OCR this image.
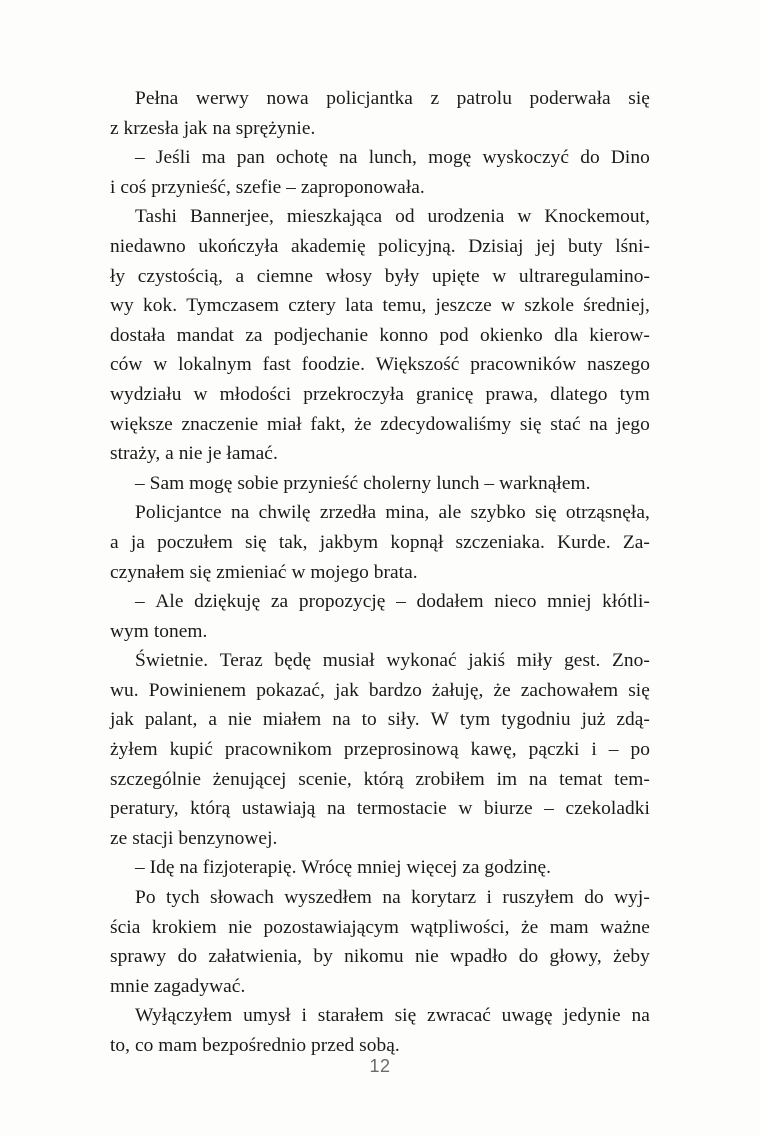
Pełna werwy nowa policjantka z patrolu poderwała się
z krzesła jak na sprężynie.

– Jeśli ma pan ochotę na lunch, mogę wyskoczyć do Dino
i coś przynieść, szefie – zaproponowała.

Tashi Bannerjee, mieszkająca od urodzenia w Knockemout,
niedawno ukończyła akademię policyjną. Dzisiaj jej buty lśni-
ły czystością, a ciemne włosy były upięte w ultraregulamino-
wy kok. Tymczasem cztery lata temu, jeszcze w szkole średniej,
dostała mandat za podjechanie konno pod okienko dla kierow-
ców w lokalnym fast foodzie. Większość pracowników naszego
wydziału w młodości przekroczyła granicę prawa, dlatego tym
większe znaczenie miał fakt, że zdecydowaliśmy się stać na jego
straży, a nie je łamać.

– Sam mogę sobie przynieść cholerny lunch – warknąłem.

Policjantce na chwilę zrzedła mina, ale szybko się otrząsnęła,
a ja poczułem się tak, jakbym kopnął szczeniaka. Kurde. Za-
czynałem się zmieniać w mojego brata.

– Ale dziękuję za propozycję – dodałem nieco mniej kłótli-
wym tonem.

Świetnie. Teraz będę musiał wykonać jakiś miły gest. Zno-
wu. Powinienem pokazać, jak bardzo żałuję, że zachowałem się
jak palant, a nie miałem na to siły. W tym tygodniu już zdą-
żyłem kupić pracownikom przeprosinową kawę, pączki i – po
szczególnie żenującej scenie, którą zrobiłem im na temat tem-
peratury, którą ustawiają na termostacie w biurze – czekoladki
ze stacji benzynowej.

– Idę na fizjoterapię. Wrócę mniej więcej za godzinę.

Po tych słowach wyszedłem na korytarz i ruszyłem do wyj-
ścia krokiem nie pozostawiającym wątpliwości, że mam ważne
sprawy do załatwienia, by nikomu nie wpadło do głowy, żeby
mnie zagadywać.

Wyłączyłem umysł i starałem się zwracać uwagę jedynie na
to, co mam bezpośrednio przed sobą.

12
